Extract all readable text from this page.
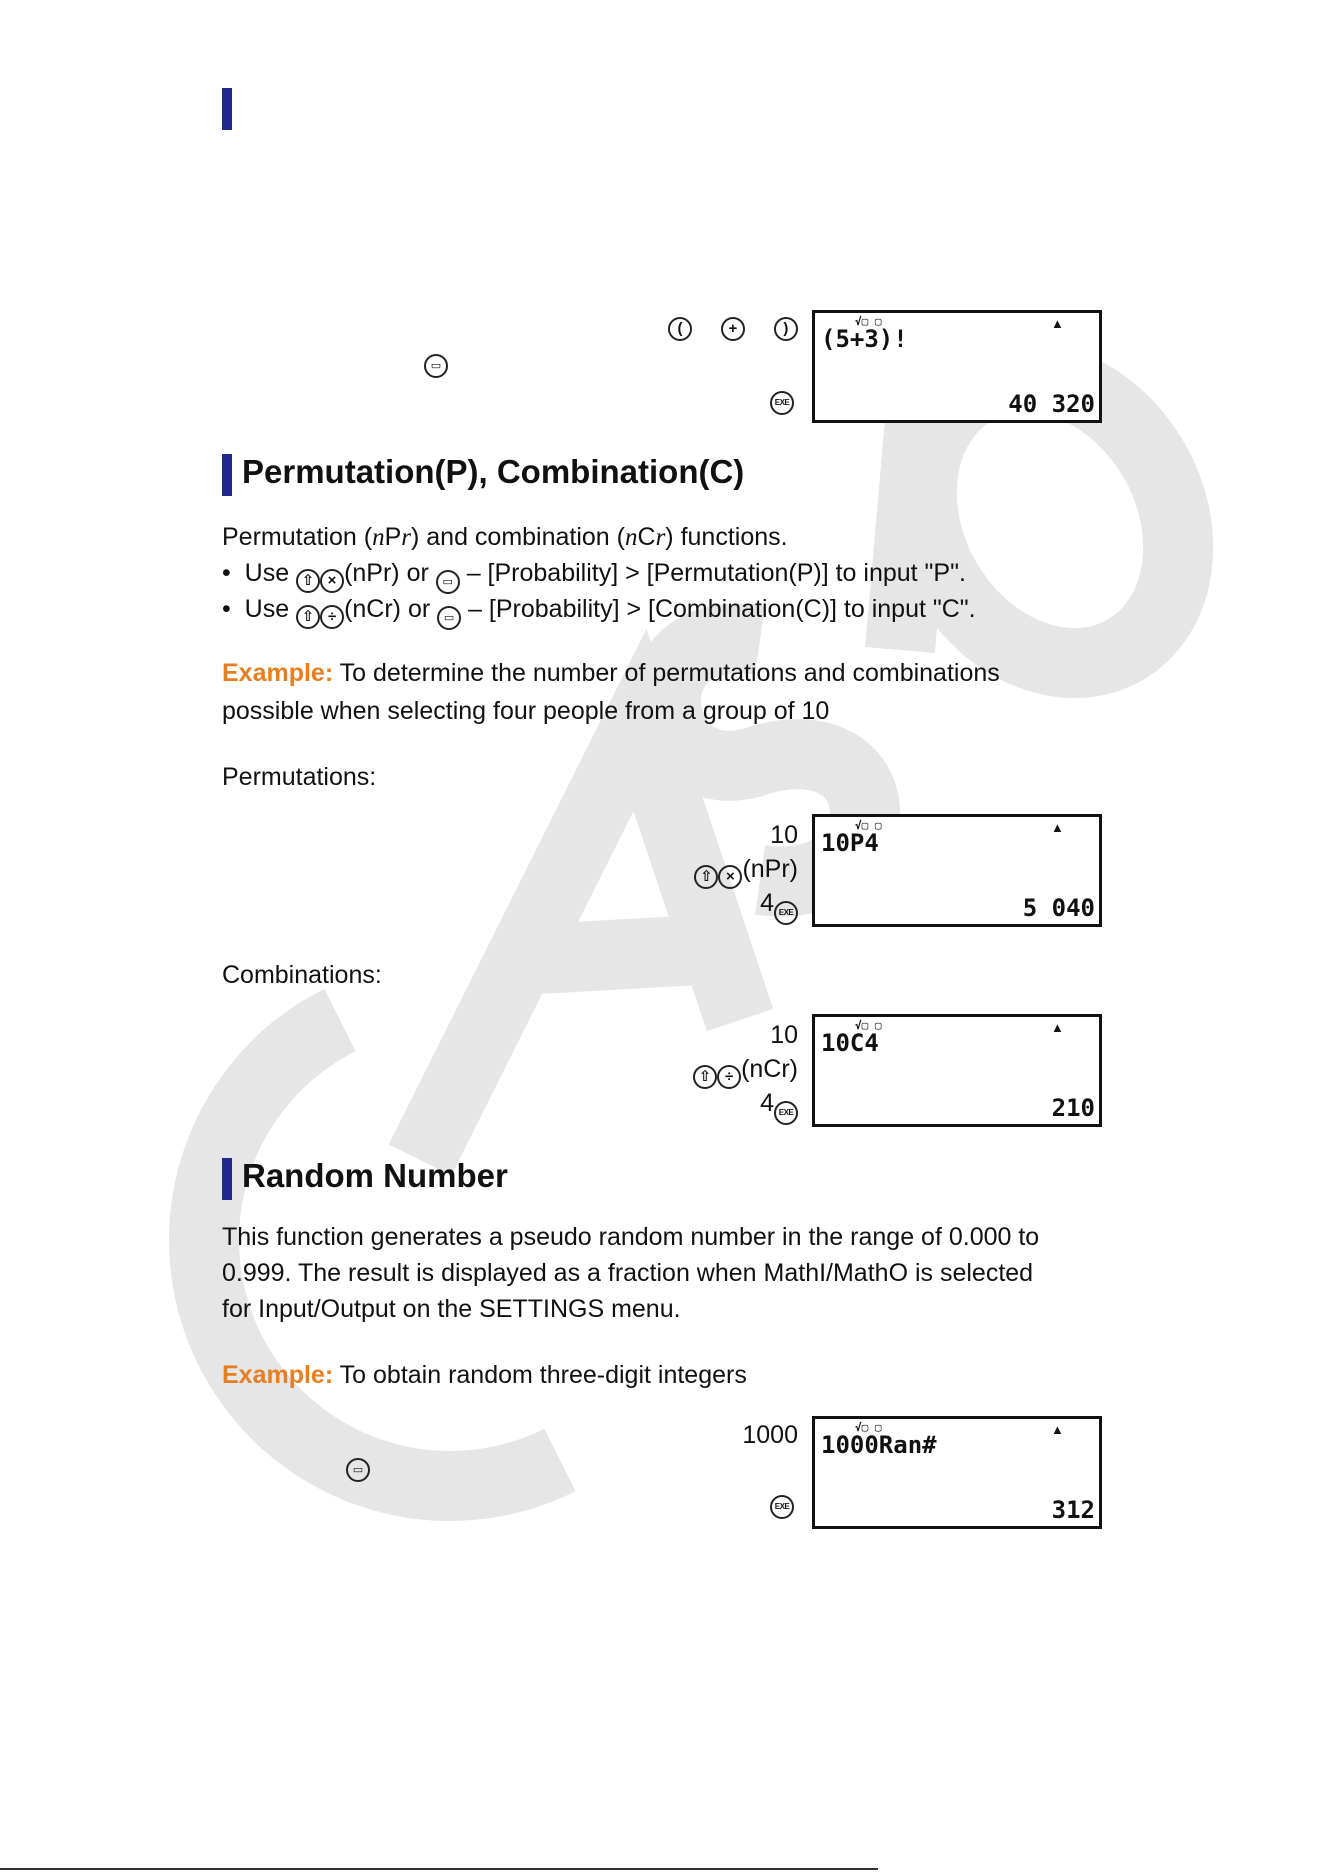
(	+	)
▭
EXE
√▢ ▢	▲
(5+3)!
40 320
Permutation(P), Combination(C)
Permutation (nPr) and combination (nCr) functions.
•  Use ⇧ × (nPr) or ▭ – [Probability] > [Permutation(P)] to input "P".
•  Use ⇧ ÷ (nCr) or ▭ – [Probability] > [Combination(C)] to input "C".
Example: To determine the number of permutations and combinations
possible when selecting four people from a group of 10
Permutations:
10
⇧ × (nPr)
4 EXE
√▢ ▢	▲
10P4
5 040
Combinations:
10
⇧ ÷ (nCr)
4 EXE
√▢ ▢	▲
10C4
210
Random Number
This function generates a pseudo random number in the range of 0.000 to
0.999. The result is displayed as a fraction when MathI/MathO is selected
for Input/Output on the SETTINGS menu.
Example: To obtain random three-digit integers
1000
▭
EXE
√▢ ▢	▲
1000Ran#
312
